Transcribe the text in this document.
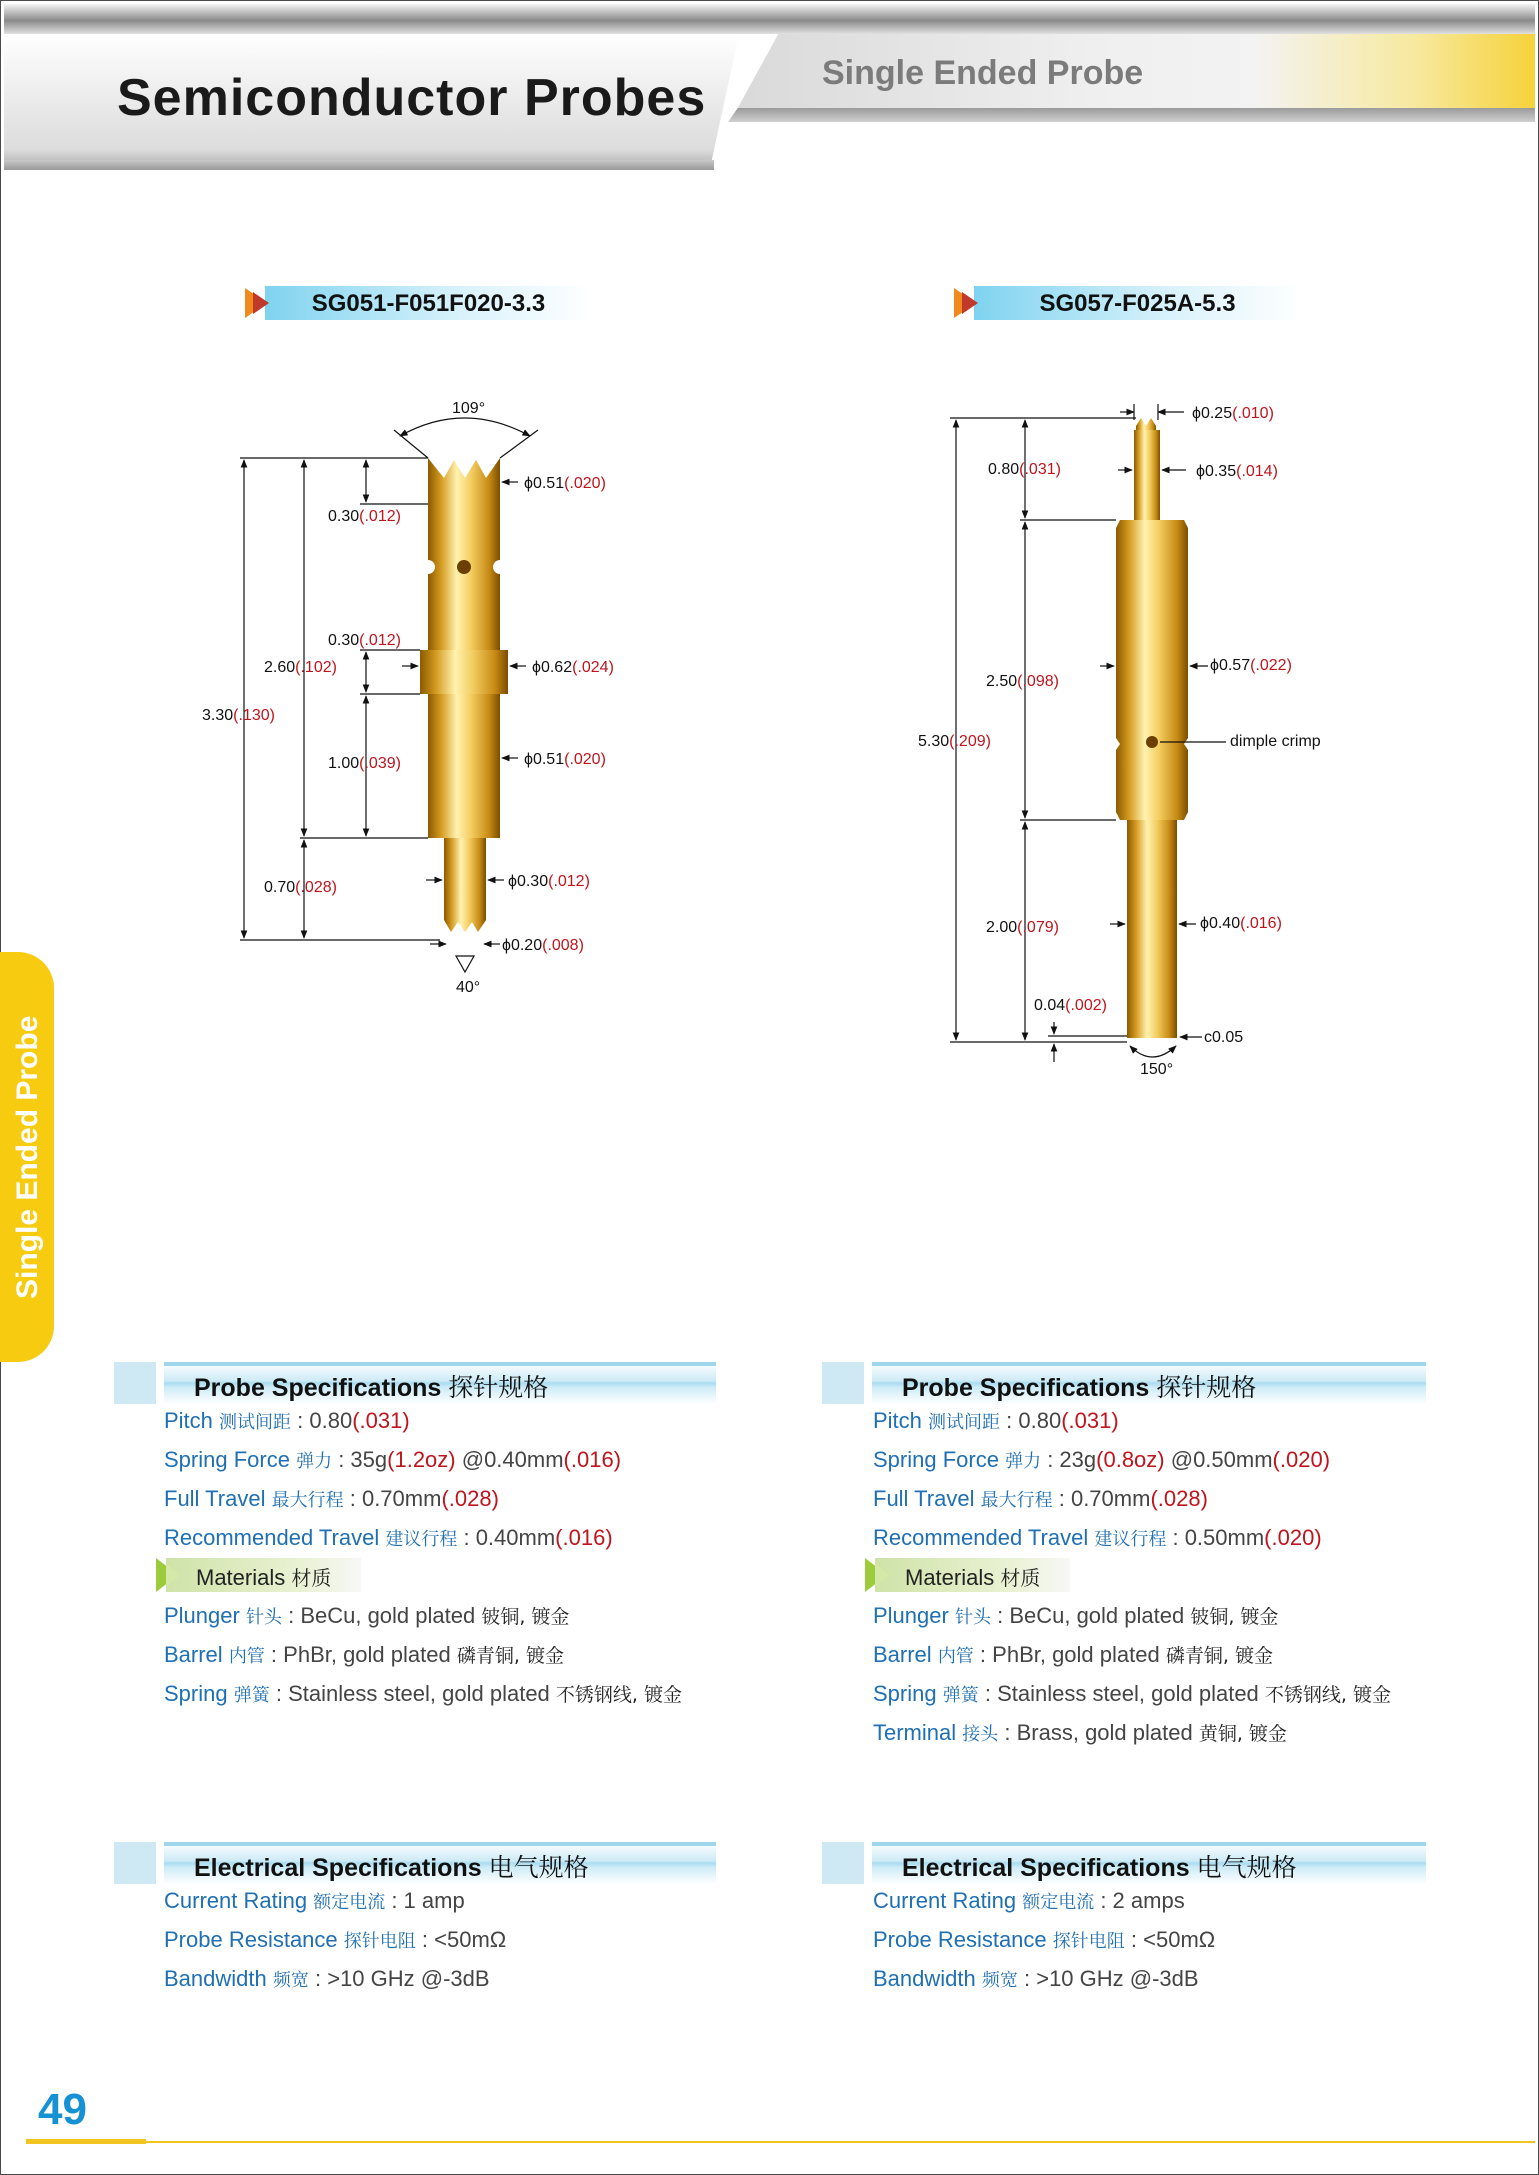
Semiconductor Probes	Single Ended Probe
Single Ended Probe
SG051-F051F020-3.3	SG057-F025A-5.3
109°
40°
ϕ0.51(.020)
0.30(.012)
0.30(.012)
2.60(.102)	ϕ0.62(.024)
3.30(.130)
ϕ0.51(.020)
1.00(.039)
ϕ0.30(.012)
0.70(.028)
ϕ0.20(.008)
ϕ0.25(.010)
0.80(.031)	ϕ0.35(.014)
ϕ0.57(.022)
2.50(.098)
5.30(.209)	dimple crimp
ϕ0.40(.016)
2.00(.079)
0.04(.002)
c0.05
150°
Probe Specifications 探针规格
Pitch 测试间距 : 0.80(.031)
Spring Force 弹力 : 35g(1.2oz) @0.40mm(.016)
Full Travel 最大行程 : 0.70mm(.028)
Recommended Travel 建议行程 : 0.40mm(.016)
Materials 材质
Plunger 针头 : BeCu, gold plated 铍铜, 镀金
Barrel 内管 : PhBr, gold plated 磷青铜, 镀金
Spring 弹簧 : Stainless steel, gold plated 不锈钢线, 镀金
Electrical Specifications 电气规格
Current Rating 额定电流 : 1 amp
Probe Resistance 探针电阻 : <50mΩ
Bandwidth 频宽 : >10 GHz @-3dB
Probe Specifications 探针规格
Pitch 测试间距 : 0.80(.031)
Spring Force 弹力 : 23g(0.8oz) @0.50mm(.020)
Full Travel 最大行程 : 0.70mm(.028)
Recommended Travel 建议行程 : 0.50mm(.020)
Materials 材质
Plunger 针头 : BeCu, gold plated 铍铜, 镀金
Barrel 内管 : PhBr, gold plated 磷青铜, 镀金
Spring 弹簧 : Stainless steel, gold plated 不锈钢线, 镀金
Terminal 接头 : Brass, gold plated 黄铜, 镀金
Electrical Specifications 电气规格
Current Rating 额定电流 : 2 amps
Probe Resistance 探针电阻 : <50mΩ
Bandwidth 频宽 : >10 GHz @-3dB
49
